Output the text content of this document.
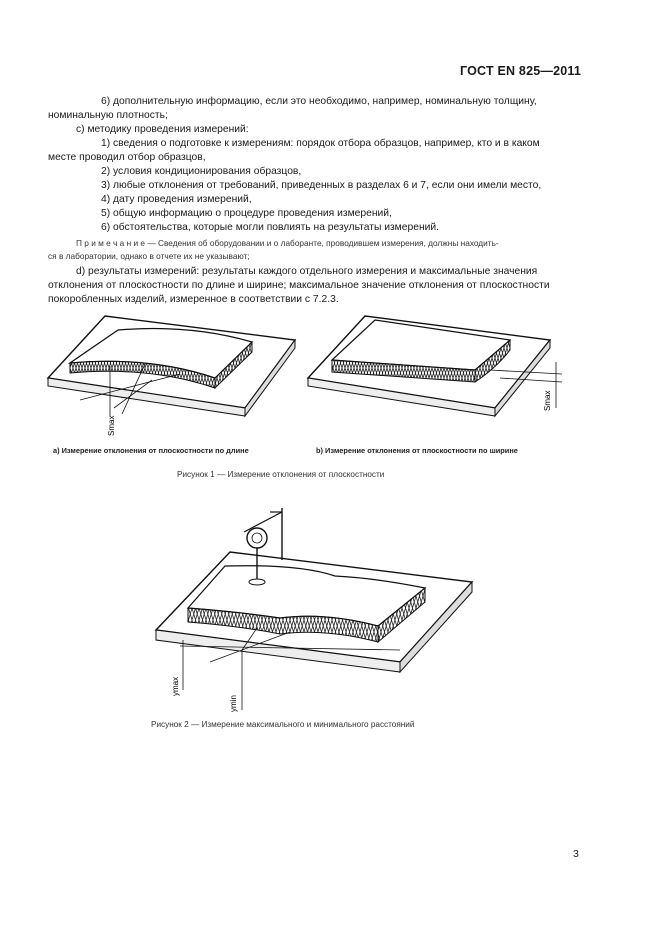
ГОСТ EN 825—2011
6) дополнительную информацию, если это необходимо, например, номинальную толщину,
номинальную плотность;
c) методику проведения измерений:
1) сведения о подготовке к измерениям: порядок отбора образцов, например, кто и в каком
месте проводил отбор образцов,
2) условия кондиционирования образцов,
3) любые отклонения от требований, приведенных в разделах 6 и 7, если они имели место,
4) дату проведения измерений,
5) общую информацию о процедуре проведения измерений,
6) обстоятельства, которые могли повлиять на результаты измерений.
П р и м е ч а н и е — Сведения об оборудовании и о лаборанте, проводившем измерения, должны находить-
ся в лаборатории, однако в отчете их не указывают;
d) результаты измерений: результаты каждого отдельного измерения и максимальные значения
отклонения от плоскостности по длине и ширине; максимальное значение отклонения от плоскостности
покоробленных изделий, измеренное в соответствии с 7.2.3.
Smax
Smax
a) Измерение отклонения от плоскостности по длине	b) Измерение отклонения от плоскостности по ширине
Рисунок 1 — Измерение отклонения от плоскостности
ymax
ymin
Рисунок 2 — Измерение максимального и минимального расстояний
3
